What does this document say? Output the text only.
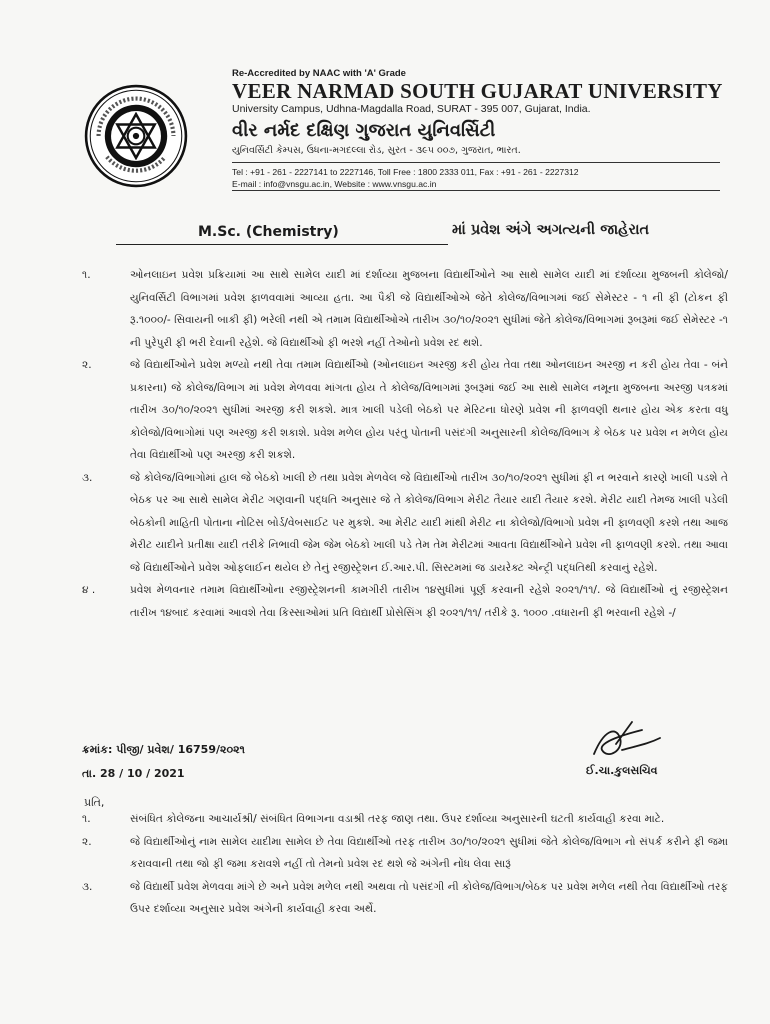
Re-Accredited by NAAC with 'A' Grade
VEER NARMAD SOUTH GUJARAT UNIVERSITY
University Campus, Udhna-Magdalla Road, SURAT - 395 007, Gujarat, India.
વીર નર્મદ દક્ષિણ ગુજરાત યુનિવર્સિટી
યુનિવર્સિટી કેમ્પસ, ઉધના-મગદલ્લા રોડ, સુરત - ૩૯૫ ૦૦૭, ગુજરાત, ભારત.
Tel : +91 - 261 - 2227141 to 2227146, Toll Free : 1800 2333 011, Fax : +91 - 261 - 2227312
E-mail : info@vnsgu.ac.in, Website : www.vnsgu.ac.in
M.Sc. (Chemistry)	માં પ્રવેશ અંગે અગત્યની જાહેરાત
૧.	ઓનલાઇન પ્રવેશ પ્રક્રિયામાં આ સાથે સામેલ યાદી માં દર્શાવ્યા મુજબના વિદ્યાર્થીઓને આ સાથે સામેલ યાદી માં દર્શાવ્યા મુજબની કોલેજો/યુનિવર્સિટી વિભાગમાં પ્રવેશ ફાળવવામાં આવ્યા હતા. આ પૈકી જે વિદ્યાર્થીઓએ જેતે કોલેજ/વિભાગમાં જઈ સેમેસ્ટર - ૧ ની ફી (ટોકન ફી રૂ.૧૦૦૦/- સિવાયની બાકી ફી) ભરેલી નથી એ તમામ વિદ્યાર્થીઓએ તારીખ ૩૦/૧૦/૨૦૨૧ સુધીમાં જેતે કોલેજ/વિભાગમાં રૂબરૂમાં જઈ સેમેસ્ટર -૧ ની પુરેપુરી ફી ભરી દેવાની રહેશે. જે વિદ્યાર્થીઓ ફી ભરશે નહીં તેઓનો પ્રવેશ રદ થશે.
૨.	જે વિદ્યાર્થીઓને પ્રવેશ મળ્યો નથી તેવા તમામ વિદ્યાર્થીઓ (ઓનલાઇન અરજી કરી હોય તેવા તથા ઓનલાઇન અરજી ન કરી હોય તેવા - બંને પ્રકારના) જે કોલેજ/વિભાગ માં પ્રવેશ મેળવવા માંગતા હોય તે કોલેજ/વિભાગમાં રૂબરૂમાં જઈ આ સાથે સામેલ નમૂના મુજબના અરજી પત્રકમાં તારીખ ૩૦/૧૦/૨૦૨૧ સુધીમાં અરજી કરી શકશે. માત્ર ખાલી પડેલી બેઠકો પર મેરિટના ધોરણે પ્રવેશ ની ફાળવણી થનાર હોય એક કરતા વધુ કોલેજો/વિભાગોમાં પણ અરજી કરી શકાશે. પ્રવેશ મળેલ હોય પરંતુ પોતાની પસંદગી અનુસારની કોલેજ/વિભાગ કે બેઠક પર પ્રવેશ ન મળેલ હોય તેવા વિદ્યાર્થીઓ પણ અરજી કરી શકશે.
૩.	જે કોલેજ/વિભાગોમાં હાલ જે બેઠકો ખાલી છે તથા પ્રવેશ મેળવેલ જે વિદ્યાર્થીઓ તારીખ ૩૦/૧૦/૨૦૨૧ સુધીમાં ફી ન ભરવાને કારણે ખાલી પડશે તે બેઠક પર આ સાથે સામેલ મેરીટ ગણવાની પદ્ધતિ અનુસાર જે તે કોલેજ/વિભાગ મેરીટ તૈયાર યાદી તૈયાર કરશે. મેરીટ યાદી તેમજ ખાલી પડેલી બેઠકોની માહિતી પોતાના નોટિસ બોર્ડ/વેબસાઈટ પર મુકશે. આ મેરીટ યાદી માંથી મેરીટ ના કોલેજો/વિભાગો પ્રવેશ ની ફાળવણી કરશે તથા આજ મેરીટ યાદીને પ્રતીક્ષા યાદી તરીકે નિભાવી જેમ જેમ બેઠકો ખાલી પડે તેમ તેમ મેરીટમાં આવતા વિદ્યાર્થીઓને પ્રવેશ ની ફાળવણી કરશે. તથા આવા જે વિદ્યાર્થીઓને પ્રવેશ ઓફલાઈન થયેલ છે તેનું રજીસ્ટ્રેશન ઈ.આર.પી. સિસ્ટમમાં જ ડાયરેક્ટ એન્ટ્રી પદ્ધતિથી કરવાનું રહેશે.
૪ .	પ્રવેશ મેળવનાર તમામ વિદ્યાર્થીઓના રજીસ્ટ્રેશનની કામગીરી તારીખ ૧૪સુધીમાં પૂર્ણ કરવાની રહેશે ૨૦૨૧/૧૧/. જે વિદ્યાર્થીઓ નું રજીસ્ટ્રેશન તારીખ ૧૪બાદ કરવામાં આવશે તેવા કિસ્સાઓમાં પ્રતિ વિદ્યાર્થી પ્રોસેસિંગ ફી ૨૦૨૧/૧૧/ તરીકે રૂ. ૧૦૦૦ .વધારાની ફી ભરવાની રહેશે -/
ક્રમાંક: પીજી/ પ્રવેશ/ 16759/૨૦૨૧
તા. 28 / 10 / 2021	ઈ.ચા.કુલસચિવ
પ્રતિ,
૧.	સંબંધિત કોલેજના આચાર્યશ્રી/ સંબંધિત વિભાગના વડાશ્રી તરફ જાણ તથા. ઉપર દર્શાવ્યા અનુસારની ઘટતી કાર્યવાહી કરવા માટે.
૨.	જે વિદ્યાર્થીઓનું નામ સામેલ યાદીમા સામેલ છે તેવા વિદ્યાર્થીઓ તરફ તારીખ ૩૦/૧૦/૨૦૨૧ સુધીમાં જેતે કોલેજ/વિભાગ નો સંપર્ક કરીને ફી જમા કરાવવાની તથા જો ફી જમા કરાવશે નહીં તો તેમનો પ્રવેશ રદ થશે જે અંગેની નોંધ લેવા સારૂં
૩.	જે વિદ્યાર્થી પ્રવેશ મેળવવા માંગે છે અને પ્રવેશ મળેલ નથી અથવા તો પસંદગી ની કોલેજ/વિભાગ/બેઠક પર પ્રવેશ મળેલ નથી તેવા વિદ્યાર્થીઓ તરફ ઉપર દર્શાવ્યા અનુસાર પ્રવેશ અંગેની કાર્યવાહી કરવા અર્થે.
